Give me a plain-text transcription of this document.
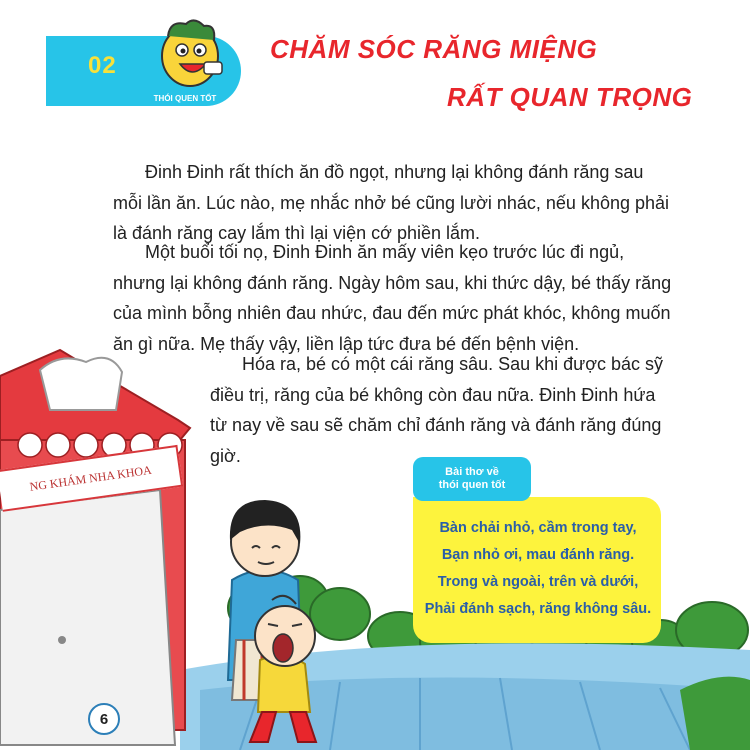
02
THÓI QUEN TỐT
CHĂM SÓC RĂNG MIỆNG
RẤT QUAN TRỌNG

Đinh Đinh rất thích ăn đồ ngọt, nhưng lại không đánh răng sau mỗi lần ăn. Lúc nào, mẹ nhắc nhở bé cũng lười nhác, nếu không phải là đánh răng cay lắm thì lại viện cớ phiền lắm.

Một buổi tối nọ, Đinh Đinh ăn mấy viên kẹo trước lúc đi ngủ, nhưng lại không đánh răng. Ngày hôm sau, khi thức dậy, bé thấy răng của mình bỗng nhiên đau nhức, đau đến mức phát khóc, không muốn ăn gì nữa. Mẹ thấy vậy, liền lập tức đưa bé đến bệnh viện.

Hóa ra, bé có một cái răng sâu. Sau khi được bác sỹ điều trị, răng của bé không còn đau nữa. Đinh Đinh hứa từ nay về sau sẽ chăm chỉ đánh răng và đánh răng đúng giờ.

NG KHÁM NHA KHOA	Bài thơ về
thói quen tốt

Bàn chải nhỏ, cầm trong tay,

Bạn nhỏ ơi, mau đánh răng.

Trong và ngoài, trên và dưới,

Phải đánh sạch, răng không sâu.

6
